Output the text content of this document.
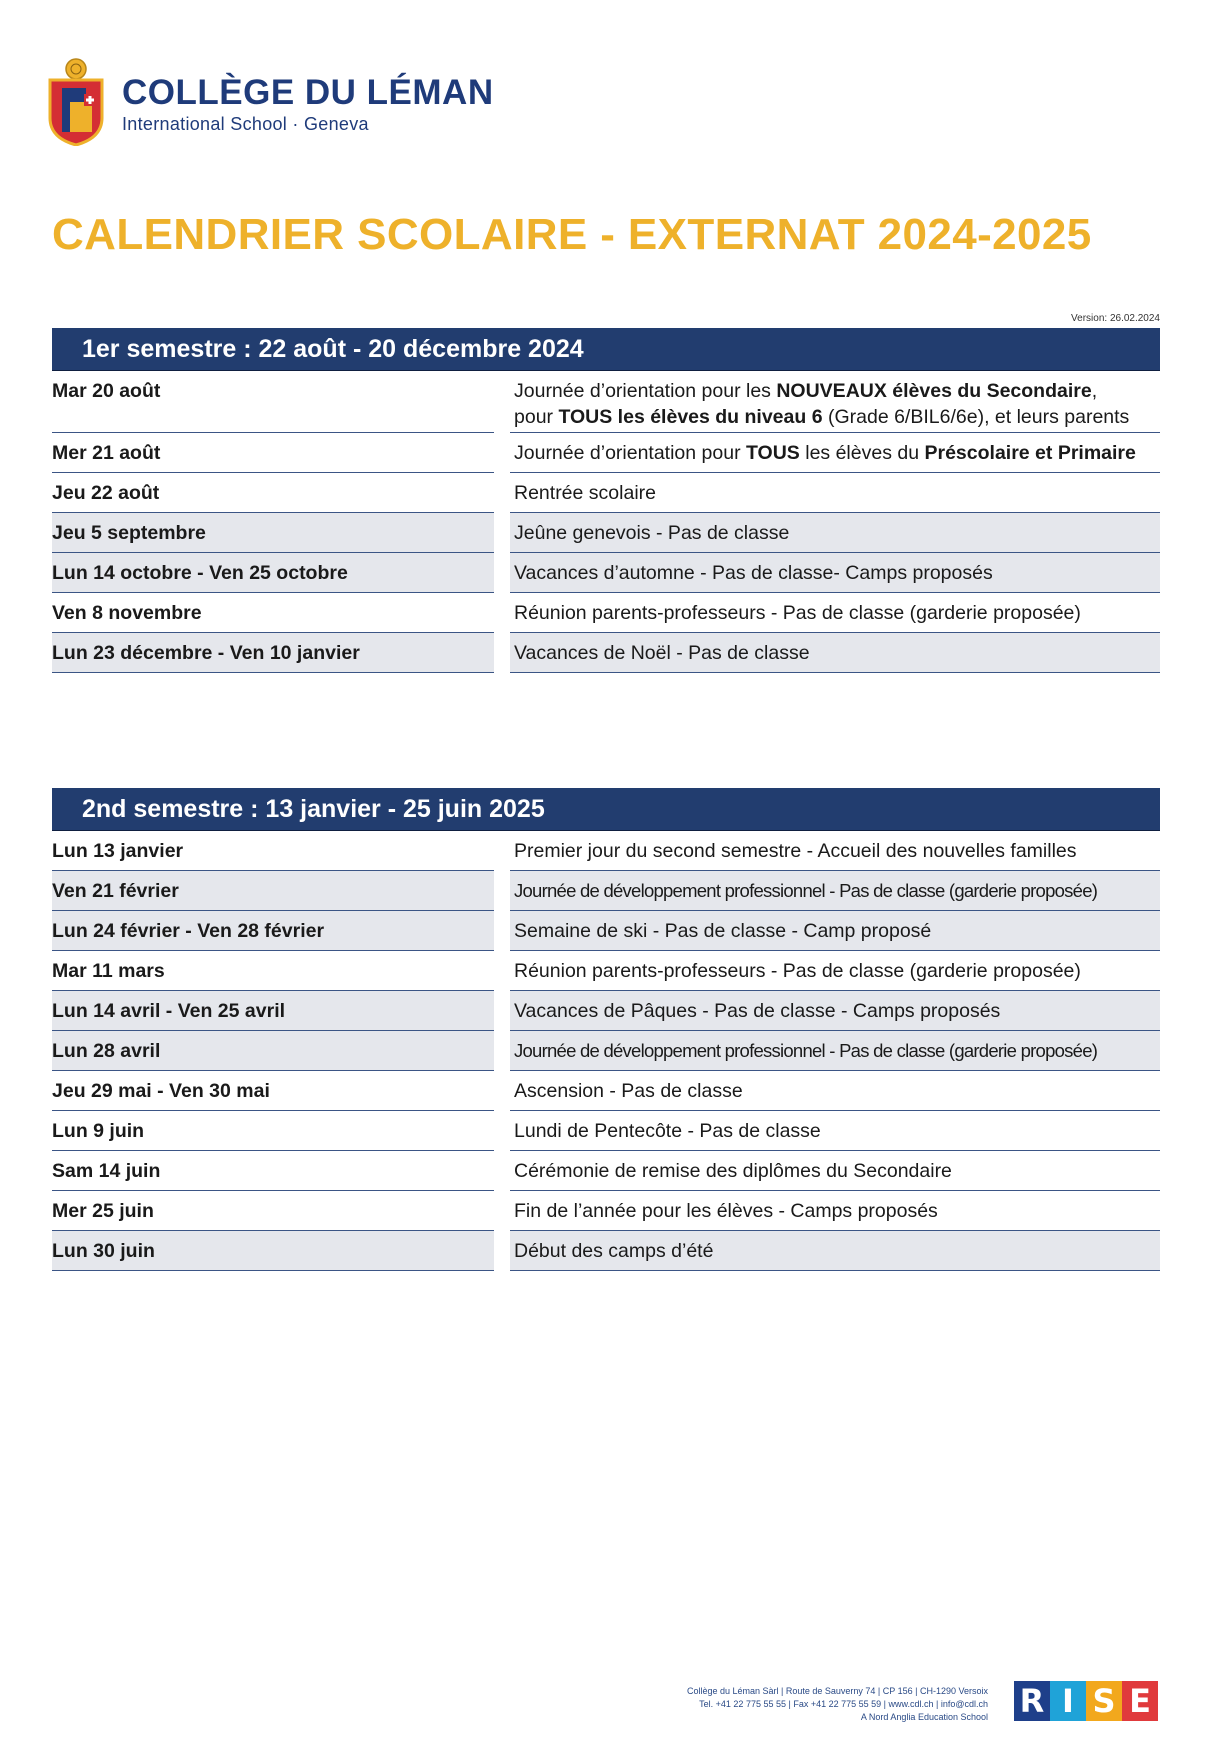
COLLÈGE DU LÉMAN
International School · Geneva
CALENDRIER SCOLAIRE - EXTERNAT 2024-2025
Version: 26.02.2024
1er semestre : 22 août - 20 décembre 2024
Mar 20 août	Journée d’orientation pour les NOUVEAUX élèves du Secondaire,
pour TOUS les élèves du niveau 6 (Grade 6/BIL6/6e), et leurs parents
Mer 21 août	Journée d’orientation pour TOUS les élèves du Préscolaire et Primaire
Jeu 22 août	Rentrée scolaire
Jeu 5 septembre	Jeûne genevois - Pas de classe
Lun 14 octobre - Ven 25 octobre	Vacances d’automne - Pas de classe- Camps proposés
Ven 8 novembre	Réunion parents-professeurs - Pas de classe (garderie proposée)
Lun 23 décembre - Ven 10 janvier	Vacances de Noël - Pas de classe
2nd semestre : 13 janvier - 25 juin 2025
Lun 13 janvier	Premier jour du second semestre - Accueil des nouvelles familles
Ven 21 février	Journée de développement professionnel - Pas de classe (garderie proposée)
Lun 24 février - Ven 28 février	Semaine de ski - Pas de classe - Camp proposé
Mar 11 mars	Réunion parents-professeurs - Pas de classe (garderie proposée)
Lun 14 avril - Ven 25 avril	Vacances de Pâques - Pas de classe - Camps proposés
Lun 28 avril	Journée de développement professionnel - Pas de classe (garderie proposée)
Jeu 29 mai - Ven 30 mai	Ascension - Pas de classe
Lun 9 juin	Lundi de Pentecôte - Pas de classe
Sam 14 juin	Cérémonie de remise des diplômes du Secondaire
Mer 25 juin	Fin de l’année pour les élèves - Camps proposés
Lun 30 juin	Début des camps d’été
Collège du Léman Sàrl | Route de Sauverny 74 | CP 156 | CH-1290 Versoix
Tel. +41 22 775 55 55 | Fax +41 22 775 55 59 | www.cdl.ch | info@cdl.ch
A Nord Anglia Education School R I S E
